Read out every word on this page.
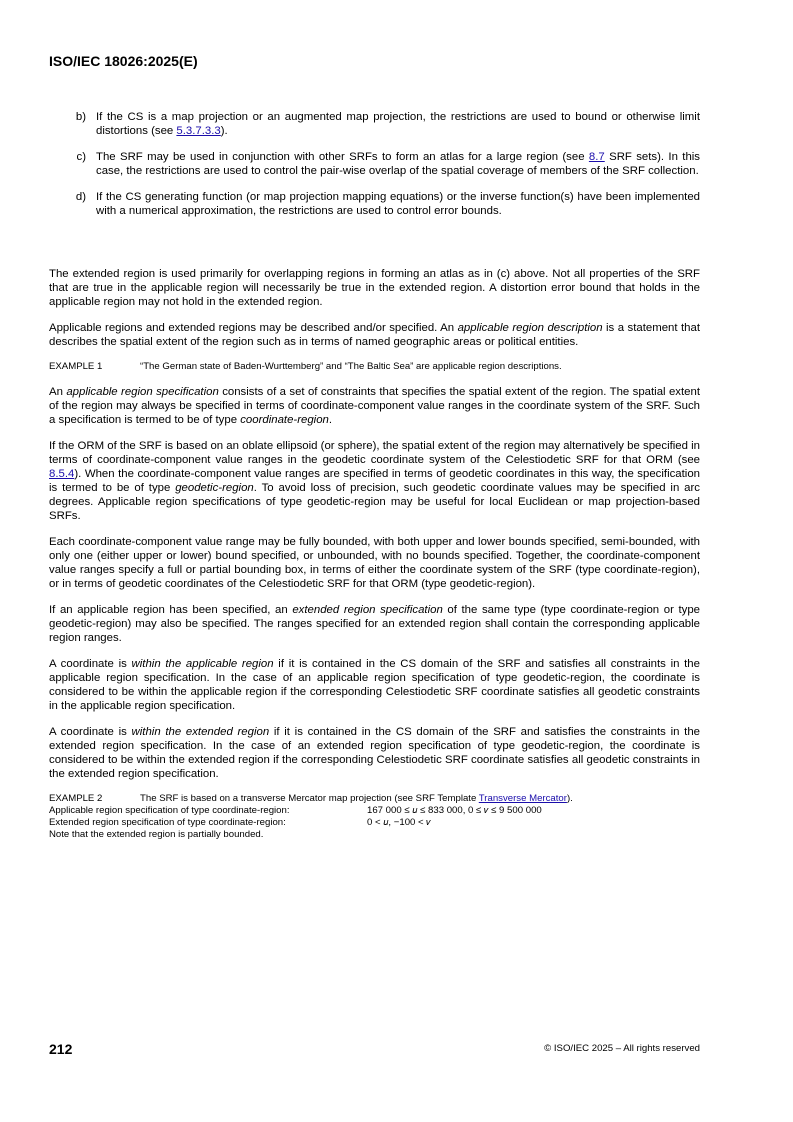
ISO/IEC 18026:2025(E)
b) If the CS is a map projection or an augmented map projection, the restrictions are used to bound or otherwise limit distortions (see 5.3.7.3.3).
c) The SRF may be used in conjunction with other SRFs to form an atlas for a large region (see 8.7 SRF sets). In this case, the restrictions are used to control the pair-wise overlap of the spatial coverage of members of the SRF collection.
d) If the CS generating function (or map projection mapping equations) or the inverse function(s) have been implemented with a numerical approximation, the restrictions are used to control error bounds.

The extended region is used primarily for overlapping regions in forming an atlas as in (c) above. Not all properties of the SRF that are true in the applicable region will necessarily be true in the extended region. A distortion error bound that holds in the applicable region may not hold in the extended region.

Applicable regions and extended regions may be described and/or specified. An applicable region description is a statement that describes the spatial extent of the region such as in terms of named geographic areas or political entities.

EXAMPLE 1	“The German state of Baden-Wurttemberg” and “The Baltic Sea” are applicable region descriptions.

An applicable region specification consists of a set of constraints that specifies the spatial extent of the region. The spatial extent of the region may always be specified in terms of coordinate-component value ranges in the coordinate system of the SRF. Such a specification is termed to be of type coordinate-region.

If the ORM of the SRF is based on an oblate ellipsoid (or sphere), the spatial extent of the region may alternatively be specified in terms of coordinate-component value ranges in the geodetic coordinate system of the Celestiodetic SRF for that ORM (see 8.5.4). When the coordinate-component value ranges are specified in terms of geodetic coordinates in this way, the specification is termed to be of type geodetic-region. To avoid loss of precision, such geodetic coordinate values may be specified in arc degrees. Applicable region specifications of type geodetic-region may be useful for local Euclidean or map projection-based SRFs.

Each coordinate-component value range may be fully bounded, with both upper and lower bounds specified, semi-bounded, with only one (either upper or lower) bound specified, or unbounded, with no bounds specified. Together, the coordinate-component value ranges specify a full or partial bounding box, in terms of either the coordinate system of the SRF (type coordinate-region), or in terms of geodetic coordinates of the Celestiodetic SRF for that ORM (type geodetic-region).

If an applicable region has been specified, an extended region specification of the same type (type coordinate-region or type geodetic-region) may also be specified. The ranges specified for an extended region shall contain the corresponding applicable region ranges.

A coordinate is within the applicable region if it is contained in the CS domain of the SRF and satisfies all constraints in the applicable region specification. In the case of an applicable region specification of type geodetic-region, the coordinate is considered to be within the applicable region if the corresponding Celestiodetic SRF coordinate satisfies all geodetic constraints in the applicable region specification.

A coordinate is within the extended region if it is contained in the CS domain of the SRF and satisfies the constraints in the extended region specification. In the case of an extended region specification of type geodetic-region, the coordinate is considered to be within the extended region if the corresponding Celestiodetic SRF coordinate satisfies all geodetic constraints in the extended region specification.

EXAMPLE 2	The SRF is based on a transverse Mercator map projection (see SRF Template Transverse Mercator).
Applicable region specification of type coordinate-region:	167 000 ≤ 𝑢 ≤ 833 000, 0 ≤ 𝑣 ≤ 9 500 000
Extended region specification of type coordinate-region:	0 < 𝑢, −100 < 𝑣
Note that the extended region is partially bounded.
212	© ISO/IEC 2025 – All rights reserved
